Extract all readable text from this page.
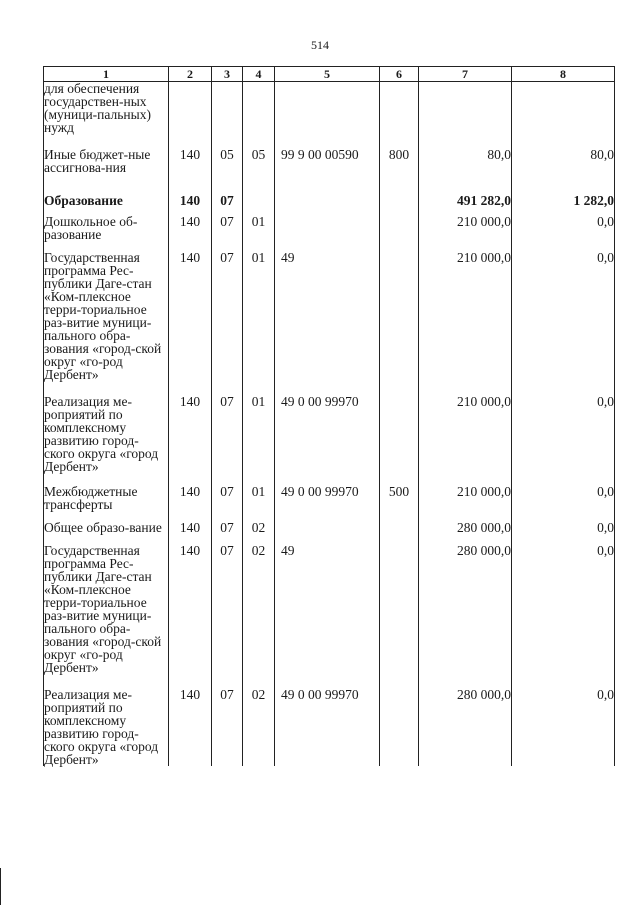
514
1	2	3	4	5	6	7	8
для обеспечения государствен-ных (муници-пальных) нужд							
Иные бюджет-ные ассигнова-ния	140	05	05	99 9 00 00590	800	80,0	80,0
Образование	140	07				491 282,0	1 282,0
Дошкольное об-разование	140	07	01			210 000,0	0,0
Государственная программа Рес-публики Даге-стан «Ком-плексное терри-ториальное раз-витие муници-пального обра-зования «город-ской округ «го-род Дербент»	140	07	01	49		210 000,0	0,0
Реализация ме-роприятий по комплексному развитию город-ского округа «город Дербент»	140	07	01	49 0 00 99970		210 000,0	0,0
Межбюджетные трансферты	140	07	01	49 0 00 99970	500	210 000,0	0,0
Общее образо-вание	140	07	02			280 000,0	0,0
Государственная программа Рес-публики Даге-стан «Ком-плексное терри-ториальное раз-витие муници-пального обра-зования «город-ской округ «го-род Дербент»	140	07	02	49		280 000,0	0,0
Реализация ме-роприятий по комплексному развитию город-ского округа «город Дербент»	140	07	02	49 0 00 99970		280 000,0	0,0
